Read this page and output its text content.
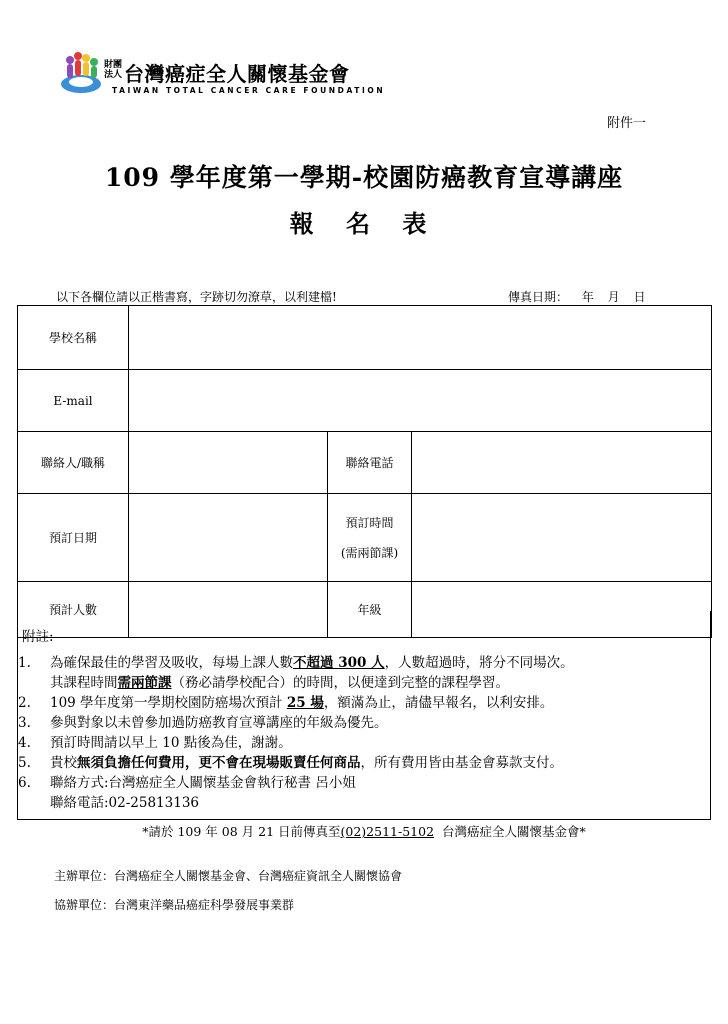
財團法人 台灣癌症全人關懷基金會
TAIWAN TOTAL CANCER CARE FOUNDATION
附件一
109 學年度第一學期-校園防癌教育宣導講座
報 名 表
以下各欄位請以正楷書寫，字跡切勿潦草，以利建檔!	傳真日期： 年 月 日
學校名稱			
E-mail			
聯絡人/職稱		聯絡電話	
預訂日期		預訂時間
(需兩節課)	

預計人數		年級	
附註:
1. 為確保最佳的學習及吸收，每場上課人數不超過 300 人，人數超過時，將分不同場次。
其課程時間需兩節課（務必請學校配合）的時間，以便達到完整的課程學習。
2. 109 學年度第一學期校園防癌場次預計 25 場，額滿為止，請儘早報名，以利安排。
3. 參與對象以未曾參加過防癌教育宣導講座的年級為優先。
4. 預訂時間請以早上 10 點後為佳，謝謝。
5. 貴校無須負擔任何費用，更不會在現場販賣任何商品，所有費用皆由基金會募款支付。
6. 聯絡方式:台灣癌症全人關懷基金會執行秘書 呂小姐
聯絡電話:02-25813136
*請於 109 年 08 月 21 日前傳真至(02)2511-5102  台灣癌症全人關懷基金會*
主辦單位：台灣癌症全人關懷基金會、台灣癌症資訊全人關懷協會
協辦單位：台灣東洋藥品癌症科學發展事業群
